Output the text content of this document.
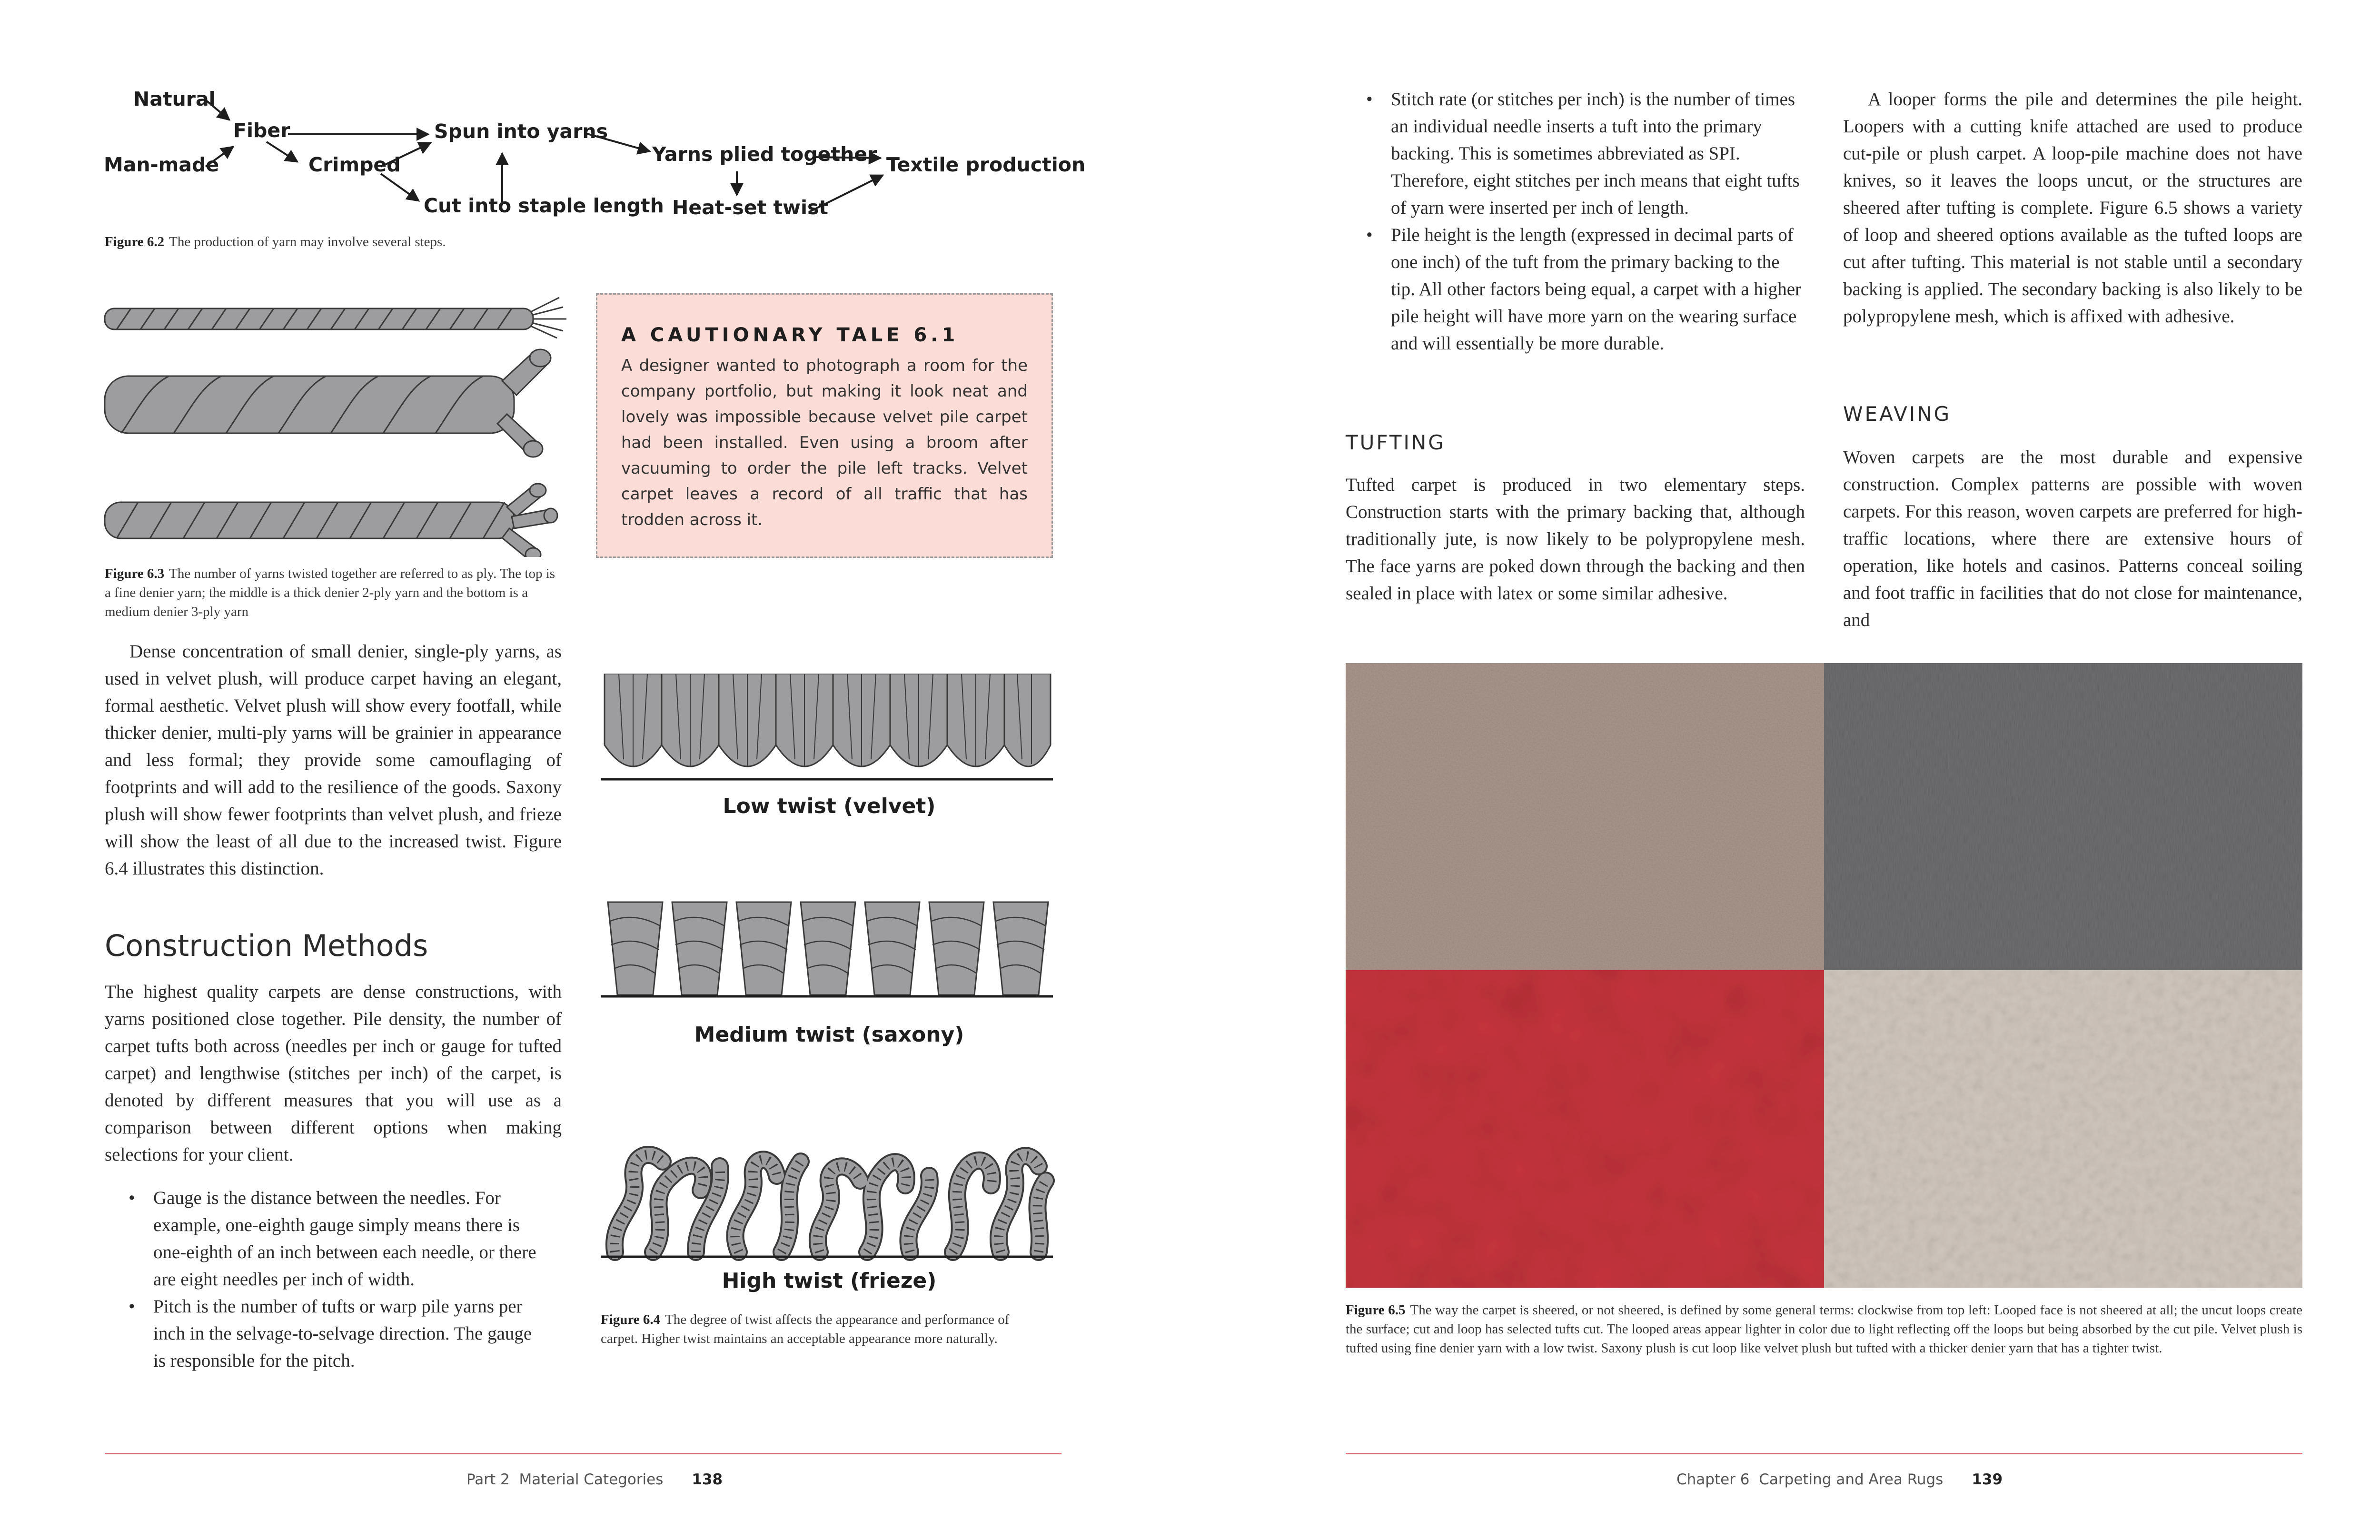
Natural
Man-made
Fiber
Crimped
Spun into yarns
Cut into staple length
Yarns plied together
Heat-set twist
Textile production
Figure 6.2 The production of yarn may involve several steps.
Figure 6.3 The number of yarns twisted together are referred to as ply. The top is a fine denier yarn; the middle is a thick denier 2-ply yarn and the bottom is a medium denier 3-ply yarn
A CAUTIONARY TALE 6.1
A designer wanted to photograph a room for the company portfolio, but making it look neat and lovely was impossible because velvet pile carpet had been installed. Even using a broom after vacuuming to order the pile left tracks. Velvet carpet leaves a record of all traffic that has trodden across it.

Dense concentration of small denier, single-ply yarns, as used in velvet plush, will produce carpet having an elegant, formal aesthetic. Velvet plush will show every footfall, while thicker denier, multi-ply yarns will be grainier in appearance and less formal; they provide some camouflaging of footprints and will add to the resilience of the goods. Saxony plush will show fewer footprints than velvet plush, and frieze will show the least of all due to the increased twist. Figure 6.4 illustrates this distinction.

Construction Methods

The highest quality carpets are dense constructions, with yarns positioned close together. Pile density, the number of carpet tufts both across (needles per inch or gauge for tufted carpet) and lengthwise (stitches per inch) of the carpet, is denoted by different measures that you will use as a comparison between different options when making selections for your client.

• Gauge is the distance between the needles. For example, one-eighth gauge simply means there is one-eighth of an inch between each needle, or there are eight needles per inch of width.
• Pitch is the number of tufts or warp pile yarns per inch in the selvage-to-selvage direction. The gauge is responsible for the pitch.
Low twist (velvet)
Medium twist (saxony)
High twist (frieze)
Figure 6.4 The degree of twist affects the appearance and performance of carpet. Higher twist maintains an acceptable appearance more naturally.
Part 2 Material Categories 138
• Stitch rate (or stitches per inch) is the number of times an individual needle inserts a tuft into the primary backing. This is sometimes abbreviated as SPI. Therefore, eight stitches per inch means that eight tufts of yarn were inserted per inch of length.
• Pile height is the length (expressed in decimal parts of one inch) of the tuft from the primary backing to the tip. All other factors being equal, a carpet with a higher pile height will have more yarn on the wearing surface and will essentially be more durable.
TUFTING

Tufted carpet is produced in two elementary steps. Construction starts with the primary backing that, although traditionally jute, is now likely to be polypropylene mesh. The face yarns are poked down through the backing and then sealed in place with latex or some similar adhesive.

A looper forms the pile and determines the pile height. Loopers with a cutting knife attached are used to produce cut-pile or plush carpet. A loop-pile machine does not have knives, so it leaves the loops uncut, or the structures are sheered after tufting is complete. Figure 6.5 shows a variety of loop and sheered options available as the tufted loops are cut after tufting. This material is not stable until a secondary backing is applied. The secondary backing is also likely to be polypropylene mesh, which is affixed with adhesive.

WEAVING

Woven carpets are the most durable and expensive construction. Complex patterns are possible with woven carpets. For this reason, woven carpets are preferred for high-traffic locations, where there are extensive hours of operation, like hotels and casinos. Patterns conceal soiling and foot traffic in facilities that do not close for maintenance, and

Figure 6.5 The way the carpet is sheered, or not sheered, is defined by some general terms: clockwise from top left: Looped face is not sheered at all; the uncut loops create the surface; cut and loop has selected tufts cut. The looped areas appear lighter in color due to light reflecting off the loops but being absorbed by the cut pile. Velvet plush is tufted using fine denier yarn with a low twist. Saxony plush is cut loop like velvet plush but tufted with a thicker denier yarn that has a tighter twist.
Chapter 6 Carpeting and Area Rugs 139
